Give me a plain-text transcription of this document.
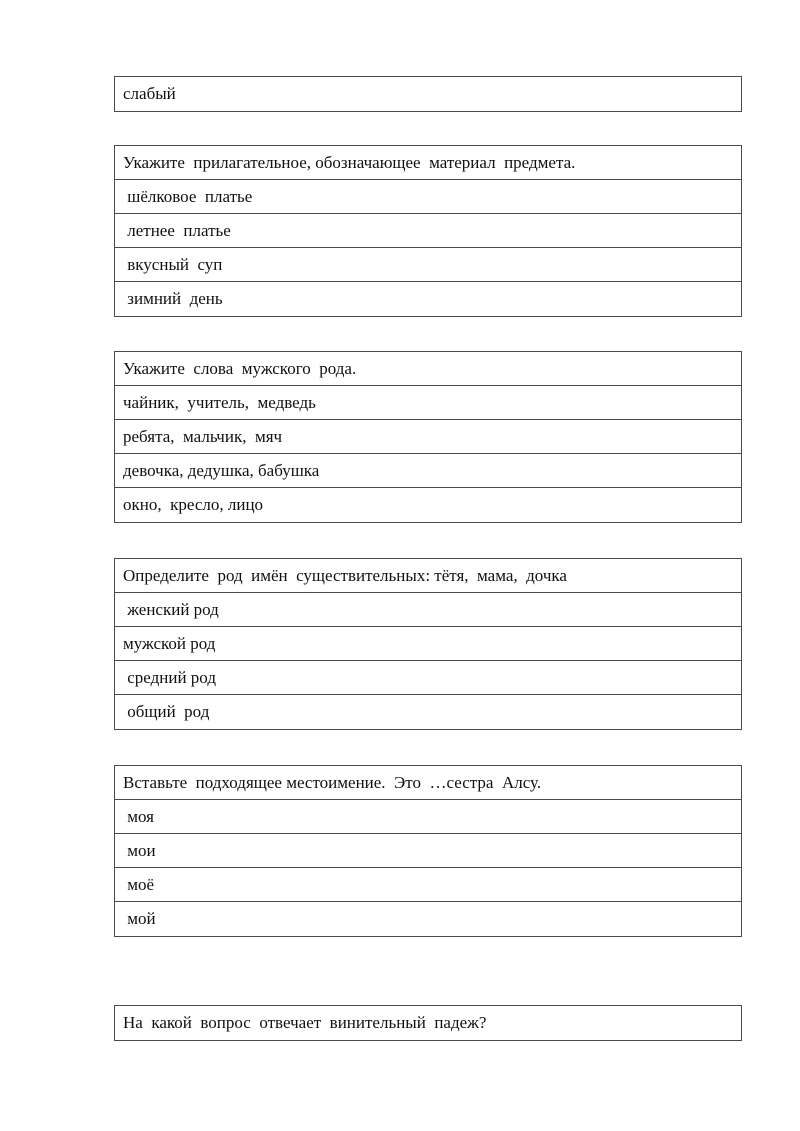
слабый
Укажите  прилагательное, обозначающее  материал  предмета.
шёлковое  платье
летнее  платье
вкусный  суп
зимний  день
Укажите  слова  мужского  рода.
чайник,  учитель,  медведь
ребята,  мальчик,  мяч
девочка, дедушка, бабушка
окно,  кресло, лицо
Определите  род  имён  существительных: тётя,  мама,  дочка
женский род
мужской род
средний род
общий  род
Вставьте  подходящее местоимение.  Это  …сестра  Алсу.
моя
мои
моё
мой
На  какой  вопрос  отвечает  винительный  падеж?
